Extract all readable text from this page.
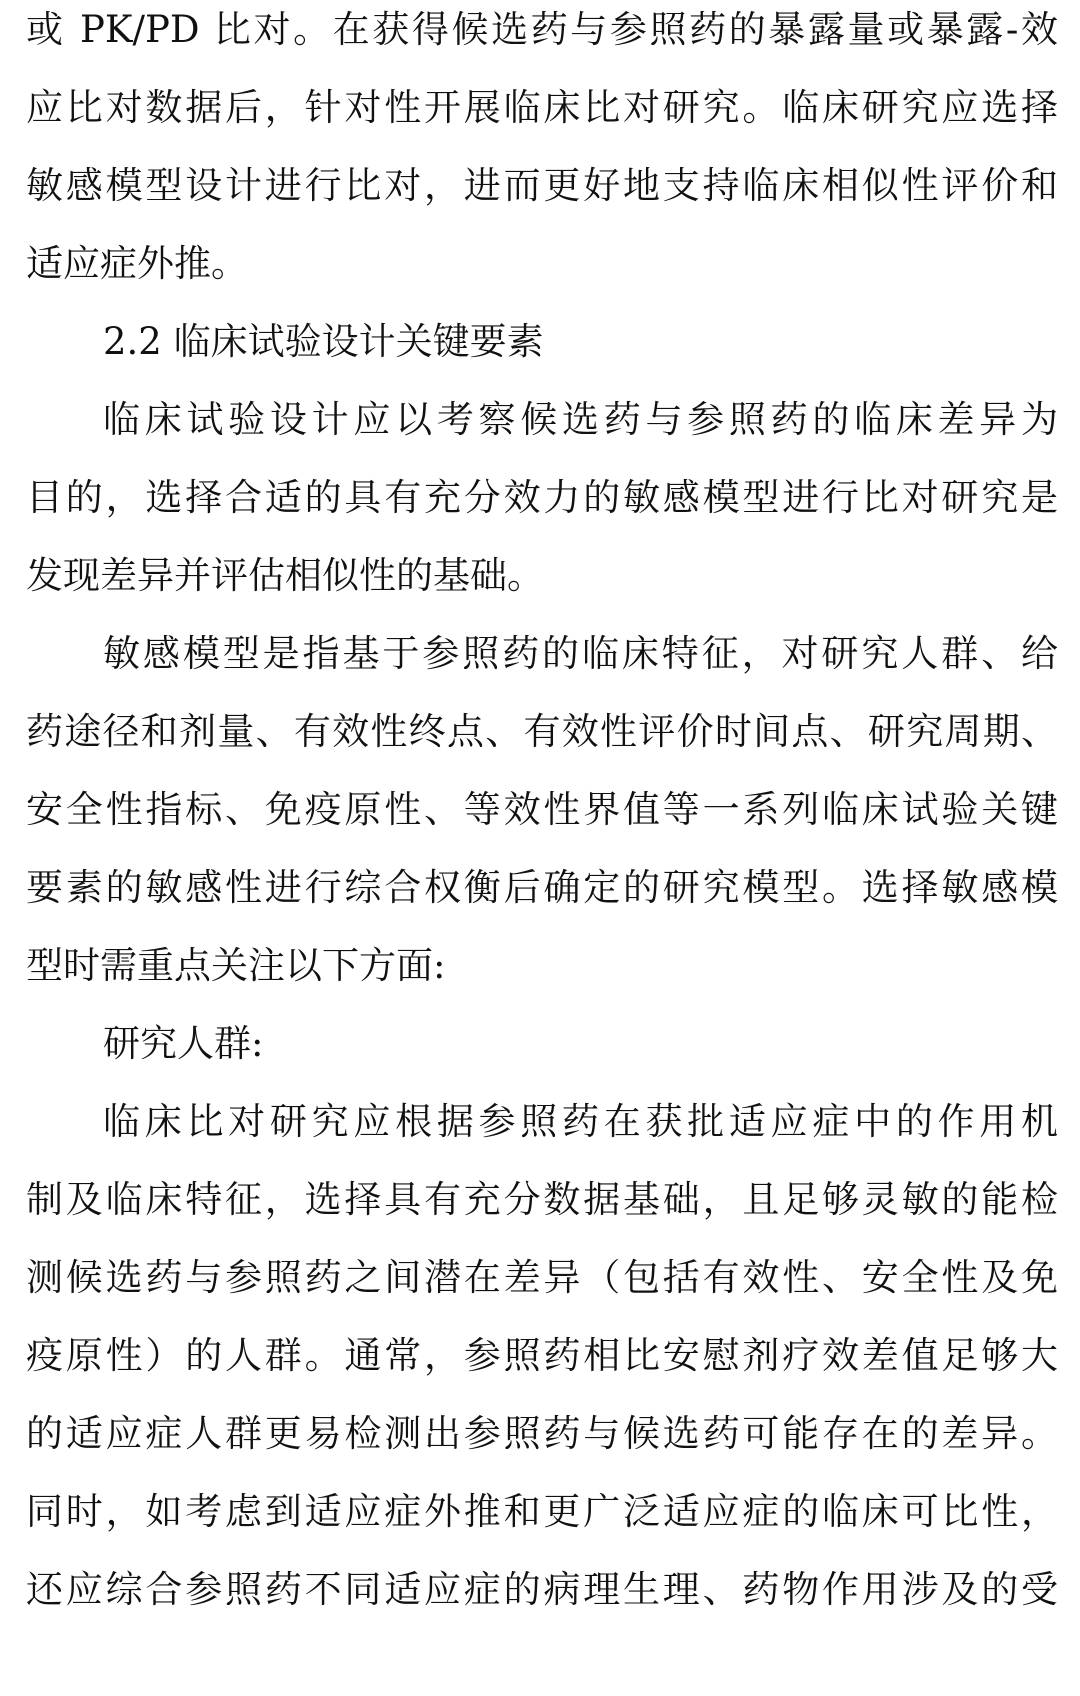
或 PK/PD 比对。在获得候选药与参照药的暴露量或暴露-效
应比对数据后，针对性开展临床比对研究。临床研究应选择
敏感模型设计进行比对，进而更好地支持临床相似性评价和
适应症外推。
2.2 临床试验设计关键要素
临床试验设计应以考察候选药与参照药的临床差异为
目的，选择合适的具有充分效力的敏感模型进行比对研究是
发现差异并评估相似性的基础。
敏感模型是指基于参照药的临床特征，对研究人群、给
药途径和剂量、有效性终点、有效性评价时间点、研究周期、
安全性指标、免疫原性、等效性界值等一系列临床试验关键
要素的敏感性进行综合权衡后确定的研究模型。选择敏感模
型时需重点关注以下方面:
研究人群:
临床比对研究应根据参照药在获批适应症中的作用机
制及临床特征，选择具有充分数据基础，且足够灵敏的能检
测候选药与参照药之间潜在差异（包括有效性、安全性及免
疫原性）的人群。通常，参照药相比安慰剂疗效差值足够大
的适应症人群更易检测出参照药与候选药可能存在的差异。
同时，如考虑到适应症外推和更广泛适应症的临床可比性，
还应综合参照药不同适应症的病理生理、药物作用涉及的受
